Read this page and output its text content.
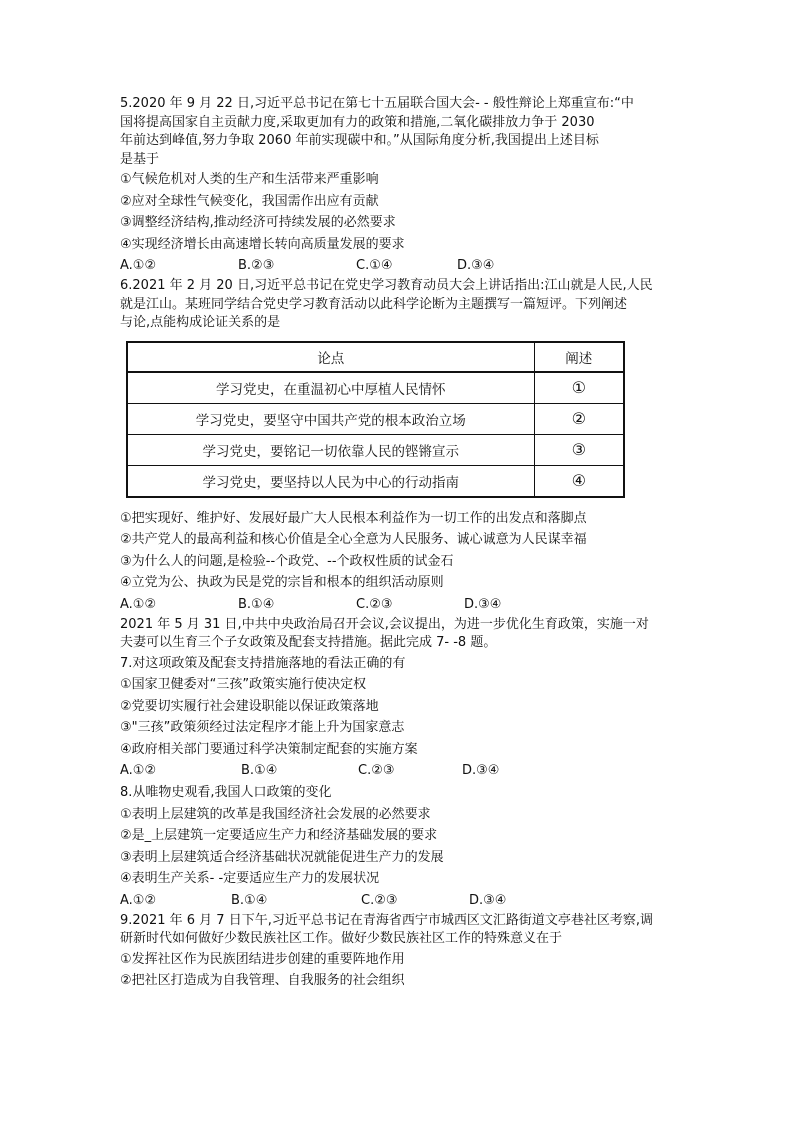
5.2020 年 9 月 22 日,习近平总书记在第七十五届联合国大会- - 般性辩论上郑重宣布:“中
国将提高国家自主贡献力度,采取更加有力的政策和措施,二氧化碳排放力争于 2030
年前达到峰值,努力争取 2060 年前实现碳中和。”从国际角度分析,我国提出上述目标
是基于
①气候危机对人类的生产和生活带来严重影响
②应对全球性气候变化，我国需作出应有贡献
③调整经济结构,推动经济可持续发展的必然要求
④实现经济增长由高速增长转向高质量发展的要求
A.①②	B.②③	C.①④	D.③④
6.2021 年 2 月 20 日,习近平总书记在党史学习教育动员大会上讲话指出:江山就是人民,人民
就是江山。某班同学结合党史学习教育活动以此科学论断为主题撰写一篇短评。下列阐述
与论,点能构成论证关系的是
论点	阐述
学习党史，在重温初心中厚植人民情怀	①
学习党史，要坚守中国共产党的根本政治立场	②
学习党史，要铭记一切依靠人民的铿锵宣示	③
学习党史，要坚持以人民为中心的行动指南	④
①把实现好、维护好、发展好最广大人民根本利益作为一切工作的出发点和落脚点
②共产党人的最高利益和核心价值是全心全意为人民服务、诚心诚意为人民谋幸福
③为什么人的问题,是检验--个政党、--个政权性质的试金石
④立党为公、执政为民是党的宗旨和根本的组织活动原则
A.①②	B.①④	C.②③	D.③④
2021 年 5 月 31 日,中共中央政治局召开会议,会议提出，为进一步优化生育政策，实施一对
夫妻可以生育三个子女政策及配套支持措施。据此完成 7- -8 题。
7.对这项政策及配套支持措施落地的看法正确的有
①国家卫健委对“三孩”政策实施行使决定权
②党要切实履行社会建设职能以保证政策落地
③"三孩”政策须经过法定程序才能上升为国家意志
④政府相关部门要通过科学决策制定配套的实施方案
A.①②	B.①④	C.②③	D.③④
8.从唯物史观看,我国人口政策的变化
①表明上层建筑的改革是我国经济社会发展的必然要求
②是_上层建筑一定要适应生产力和经济基础发展的要求
③表明上层建筑适合经济基础状况就能促进生产力的发展
④表明生产关系- -定要适应生产力的发展状况
A.①②	B.①④	C.②③	D.③④
9.2021 年 6 月 7 日下午,习近平总书记在青海省西宁市城西区文汇路街道文亭巷社区考察,调
研新时代如何做好少数民族社区工作。做好少数民族社区工作的特殊意义在于
①发挥社区作为民族团结进步创建的重要阵地作用
②把社区打造成为自我管理、自我服务的社会组织
